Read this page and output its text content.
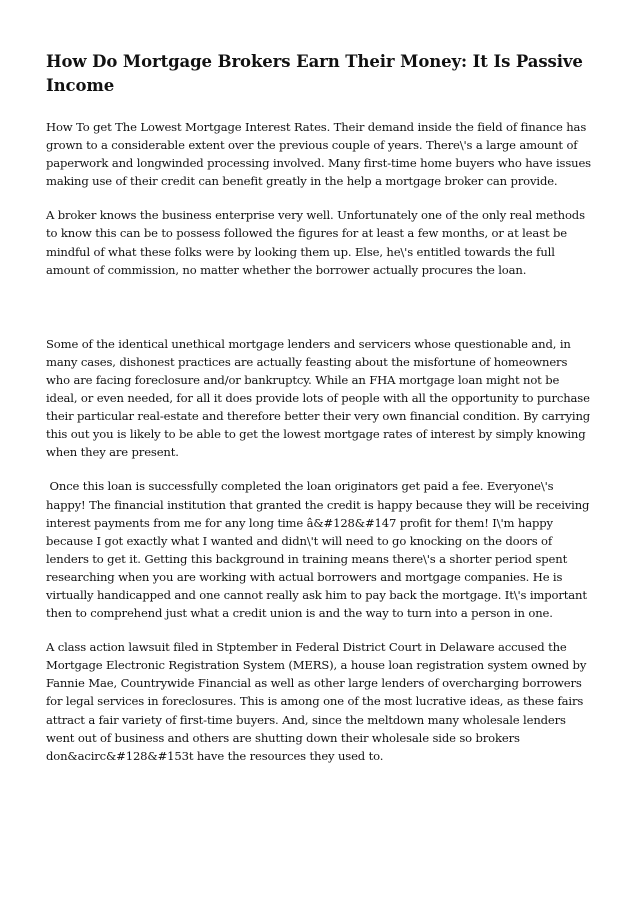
How Do Mortgage Brokers Earn Their Money: It Is Passive Income

How To get The Lowest Mortgage Interest Rates. Their demand inside the field of finance has grown to a considerable extent over the previous couple of years. There\'s a large amount of paperwork and longwinded processing involved. Many first-time home buyers who have issues making use of their credit can benefit greatly in the help a mortgage broker can provide.

A broker knows the business enterprise very well. Unfortunately one of the only real methods to know this can be to possess followed the figures for at least a few months, or at least be mindful of what these folks were by looking them up. Else, he\'s entitled towards the full amount of commission, no matter whether the borrower actually procures the loan.

Some of the identical unethical mortgage lenders and servicers whose questionable and, in many cases, dishonest practices are actually feasting about the misfortune of homeowners who are facing foreclosure and/or bankruptcy. While an FHA mortgage loan might not be ideal, or even needed, for all it does provide lots of people with all the opportunity to purchase their particular real-estate and therefore better their very own financial condition. By carrying this out you is likely to be able to get the lowest mortgage rates of interest by simply knowing when they are present.

Once this loan is successfully completed the loan originators get paid a fee. Everyone\'s happy! The financial institution that granted the credit is happy because they will be receiving interest payments from me for any long time â&#128&#147 profit for them! I\'m happy because I got exactly what I wanted and didn\'t will need to go knocking on the doors of lenders to get it. Getting this background in training means there\'s a shorter period spent researching when you are working with actual borrowers and mortgage companies. He is virtually handicapped and one cannot really ask him to pay back the mortgage. It\'s important then to comprehend just what a credit union is and the way to turn into a person in one.

A class action lawsuit filed in Stptember in Federal District Court in Delaware accused the Mortgage Electronic Registration System (MERS), a house loan registration system owned by Fannie Mae, Countrywide Financial as well as other large lenders of overcharging borrowers for legal services in foreclosures. This is among one of the most lucrative ideas, as these fairs attract a fair variety of first-time buyers. And, since the meltdown many wholesale lenders went out of business and others are shutting down their wholesale side so brokers don&acirc&#128&#153t have the resources they used to.
